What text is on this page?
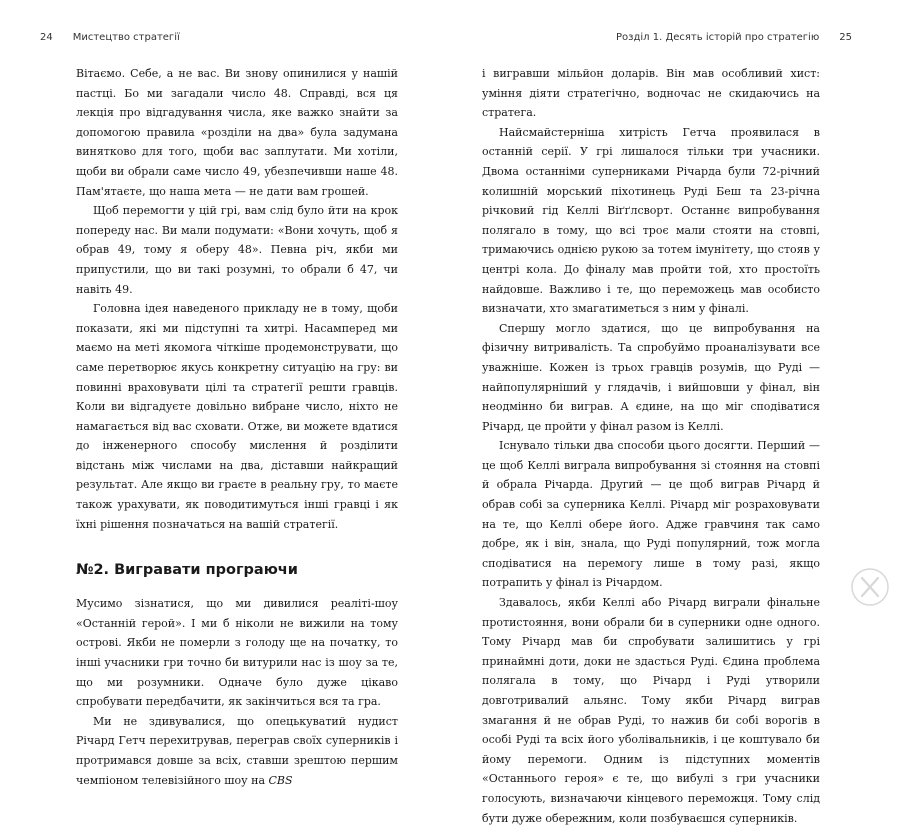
24 Мистецтво стратегії

Вітаємо. Себе, а не вас. Ви знову опинилися у нашій пастці. Бо ми загадали число 48. Справді, вся ця лекція про відгадування числа, яке важко знайти за допомогою правила «розділи на два» була задумана винятково для того, щоби вас заплутати. Ми хотіли, щоби ви обрали саме число 49, убезпечивши наше 48. Пам'ятаєте, що наша мета — не дати вам грошей.

Щоб перемогти у цій грі, вам слід було йти на крок попереду нас. Ви мали подумати: «Вони хочуть, щоб я обрав 49, тому я оберу 48». Певна річ, якби ми припустили, що ви такі розумні, то обрали б 47, чи навіть 49.

Головна ідея наведеного прикладу не в тому, щоби показати, які ми підступні та хитрі. Насамперед ми маємо на меті якомога чіткіше продемонструвати, що саме перетворює якусь конкретну ситуацію на гру: ви повинні враховувати цілі та стратегії решти гравців. Коли ви відгадуєте довільно вибране число, ніхто не намагається від вас сховати. Отже, ви можете вдатися до інженерного способу мислення й розділити відстань між числами на два, діставши найкращий результат. Але якщо ви граєте в реальну гру, то маєте також урахувати, як поводитимуться інші гравці і як їхні рішення позначаться на вашій стратегії.

№2. Вигравати програючи

Мусимо зізнатися, що ми дивилися реаліті-шоу «Останній герой». І ми б ніколи не вижили на тому острові. Якби не померли з голоду ще на початку, то інші учасники гри точно би витурили нас із шоу за те, що ми розумники. Одначе було дуже цікаво спробувати передбачити, як закінчиться вся та гра.

Ми не здивувалися, що опецькуватий нудист Річард Гетч перехитрував, переграв своїх суперників і протримався довше за всіх, ставши зрештою першим чемпіоном телевізійного шоу на CBS

Розділ 1. Десять історій про стратегію 25

і вигравши мільйон доларів. Він мав особливий хист: уміння діяти стратегічно, водночас не скидаючись на стратега.

Найсмайстерніша хитрість Гетча проявилася в останній серії. У грі лишалося тільки три учасники. Двома останніми суперниками Річарда були 72-річний колишній морський піхотинець Руді Беш та 23-річна річковий гід Келлі Віґґлсворт. Останнє випробування полягало в тому, що всі троє мали стояти на стовпі, тримаючись однією рукою за тотем імунітету, що стояв у центрі кола. До фіналу мав пройти той, хто простоїть найдовше. Важливо і те, що переможець мав особисто визначати, хто змагатиметься з ним у фіналі.

Спершу могло здатися, що це випробування на фізичну витривалість. Та спробуймо проаналізувати все уважніше. Кожен із трьох гравців розумів, що Руді — найпопулярніший у глядачів, і вийшовши у фінал, він неодмінно би виграв. А єдине, на що міг сподіватися Річард, це пройти у фінал разом із Келлі.

Існувало тільки два способи цього досягти. Перший — це щоб Келлі виграла випробування зі стояння на стовпі й обрала Річарда. Другий — це щоб виграв Річард й обрав собі за суперника Келлі. Річард міг розраховувати на те, що Келлі обере його. Адже гравчиня так само добре, як і він, знала, що Руді популярний, тож могла сподіватися на перемогу лише в тому разі, якщо потрапить у фінал із Річардом.

Здавалось, якби Келлі або Річард виграли фінальне протистояння, вони обрали би в суперники одне одного. Тому Річард мав би спробувати залишитись у грі принаймні доти, доки не здасться Руді. Єдина проблема полягала в тому, що Річард і Руді утворили довготривалий альянс. Тому якби Річард виграв змагання й не обрав Руді, то нажив би собі ворогів в особі Руді та всіх його уболівальників, і це коштувало би йому перемоги. Одним із підступних моментів «Останнього героя» є те, що вибулі з гри учасники голосують, визначаючи кінцевого переможця. Тому слід бути дуже обережним, коли позбуваєшся суперників.
